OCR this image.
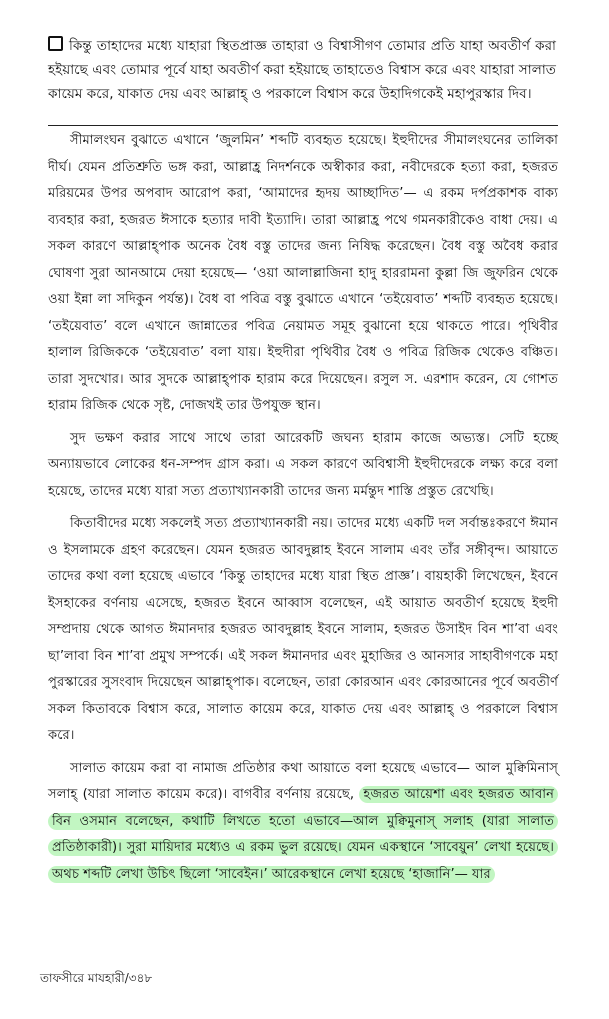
কিন্তু তাহাদের মধ্যে যাহারা স্থিতপ্রাজ্ঞ তাহারা ও বিশ্বাসীগণ তোমার প্রতি যাহা অবতীর্ণ করা হইয়াছে এবং তোমার পূর্বে যাহা অবতীর্ণ করা হইয়াছে তাহাতেও বিশ্বাস করে এবং যাহারা সালাত কায়েম করে, যাকাত দেয় এবং আল্লাহ্ ও পরকালে বিশ্বাস করে উহাদিগকেই মহাপুরস্কার দিব।

সীমালংঘন বুঝাতে এখানে ‘জুলমিন’ শব্দটি ব্যবহৃত হয়েছে। ইহুদীদের সীমালংঘনের তালিকা দীর্ঘ। যেমন প্রতিশ্রুতি ভঙ্গ করা, আল্লাহ্র নিদর্শনকে অস্বীকার করা, নবীদেরকে হত্যা করা, হজরত মরিয়মের উপর অপবাদ আরোপ করা, ‘আমাদের হৃদয় আচ্ছাদিত’— এ রকম দর্পপ্রকাশক বাক্য ব্যবহার করা, হজরত ঈসাকে হত্যার দাবী ইত্যাদি। তারা আল্লাহ্র পথে গমনকারীকেও বাধা দেয়। এ সকল কারণে আল্লাহ্পাক অনেক বৈধ বস্তু তাদের জন্য নিষিদ্ধ করেছেন। বৈধ বস্তু অবৈধ করার ঘোষণা সুরা আনআমে দেয়া হয়েছে— ‘ওয়া আলাল্লাজিনা হাদু হাররামনা কুল্লা জি জুফরিন থেকে ওয়া ইন্না লা সদিকুন পর্যন্ত)। বৈধ বা পবিত্র বস্তু বুঝাতে এখানে ‘তইয়েবাত’ শব্দটি ব্যবহৃত হয়েছে। ‘তইয়েবাত’ বলে এখানে জান্নাতের পবিত্র নেয়ামত সমূহ বুঝানো হয়ে থাকতে পারে। পৃথিবীর হালাল রিজিককে ‘তইয়েবাত’ বলা যায়। ইহুদীরা পৃথিবীর বৈধ ও পবিত্র রিজিক থেকেও বঞ্চিত। তারা সুদখোর। আর সুদকে আল্লাহ্পাক হারাম করে দিয়েছেন। রসুল স. এরশাদ করেন, যে গোশত হারাম রিজিক থেকে সৃষ্ট, দোজখই তার উপযুক্ত স্থান।

সুদ ভক্ষণ করার সাথে সাথে তারা আরেকটি জঘন্য হারাম কাজে অভ্যস্ত। সেটি হচ্ছে অন্যায়ভাবে লোকের ধন-সম্পদ গ্রাস করা। এ সকল কারণে অবিশ্বাসী ইহুদীদেরকে লক্ষ্য করে বলা হয়েছে, তাদের মধ্যে যারা সত্য প্রত্যাখ্যানকারী তাদের জন্য মর্মন্তুদ শাস্তি প্রস্তুত রেখেছি।

কিতাবীদের মধ্যে সকলেই সত্য প্রত্যাখ্যানকারী নয়। তাদের মধ্যে একটি দল সর্বান্তঃকরণে ঈমান ও ইসলামকে গ্রহণ করেছেন। যেমন হজরত আবদুল্লাহ ইবনে সালাম এবং তাঁর সঙ্গীবৃন্দ। আয়াতে তাদের কথা বলা হয়েছে এভাবে ‘কিন্তু তাহাদের মধ্যে যারা স্থিত প্রাজ্ঞ’। বায়হাকী লিখেছেন, ইবনে ইসহাকের বর্ণনায় এসেছে, হজরত ইবনে আব্বাস বলেছেন, এই আয়াত অবতীর্ণ হয়েছে ইহুদী সম্প্রদায় থেকে আগত ঈমানদার হজরত আবদুল্লাহ ইবনে সালাম, হজরত উসাইদ বিন শা’বা এবং ছা’লাবা বিন শা’বা প্রমুখ সম্পর্কে। এই সকল ঈমানদার এবং মুহাজির ও আনসার সাহাবীগণকে মহা পুরস্কারের সুসংবাদ দিয়েছেন আল্লাহ্পাক। বলেছেন, তারা কোরআন এবং কোরআনের পূর্বে অবতীর্ণ সকল কিতাবকে বিশ্বাস করে, সালাত কায়েম করে, যাকাত দেয় এবং আল্লাহ্ ও পরকালে বিশ্বাস করে।

সালাত কায়েম করা বা নামাজ প্রতিষ্ঠার কথা আয়াতে বলা হয়েছে এভাবে— আল মুক্বিমিনাস্ সলাহ্ (যারা সালাত কায়েম করে)। বাগবীর বর্ণনায় রয়েছে, হজরত আয়েশা এবং হজরত আবান বিন ওসমান বলেছেন, কথাটি লিখতে হতো এভাবে—আল মুক্বিমুনাস্ সলাহ (যারা সালাত প্রতিষ্ঠাকারী)। সুরা মায়িদার মধ্যেও এ রকম ভুল রয়েছে। যেমন একস্থানে ‘সাবেয়ুন’ লেখা হয়েছে। অথচ শব্দটি লেখা উচিৎ ছিলো ‘সাবেইন।’ আরেকস্থানে লেখা হয়েছে ‘হাজানি’— যার

তাফসীরে মাযহারী/৩৪৮
